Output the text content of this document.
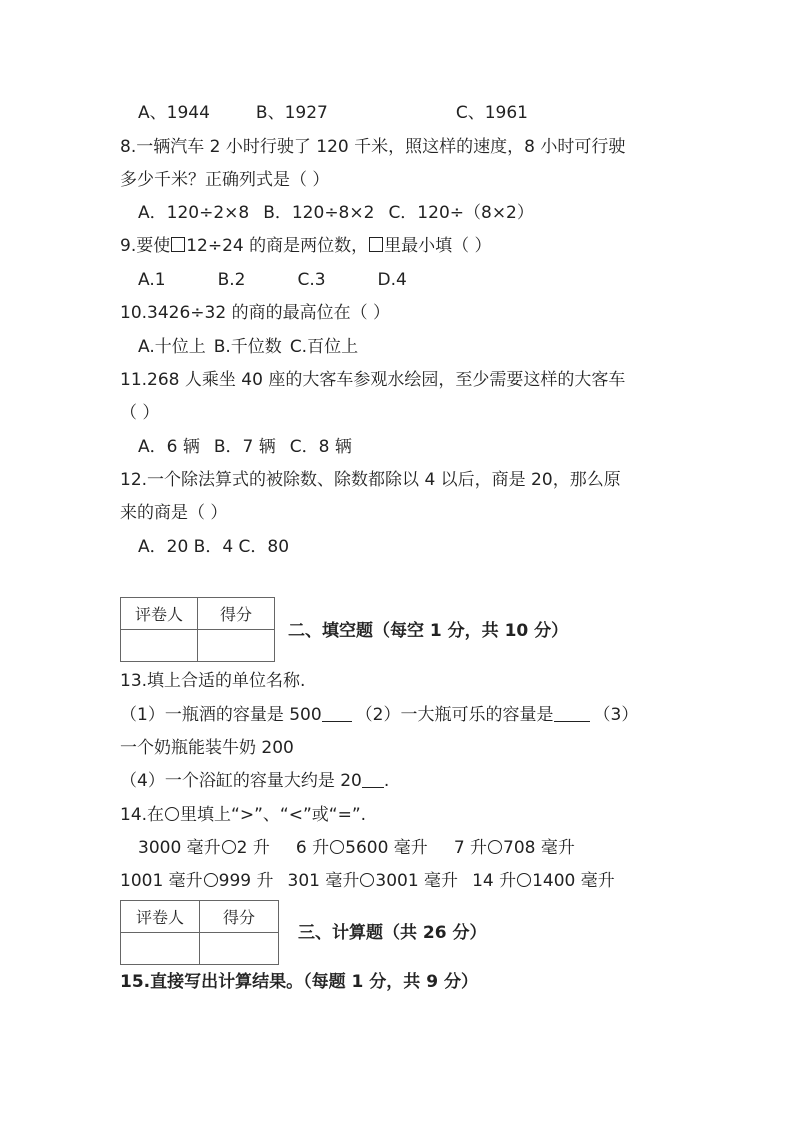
A、1944	B、1927	C、1961
8.一辆汽车 2 小时行驶了 120 千米，照这样的速度，8 小时可行驶
多少千米？正确列式是（ ）
A．120÷2×8 B．120÷8×2 C．120÷（8×2）
9.要使 12÷24 的商是两位数， 里最小填（ ）
A.1	B.2	C.3	D.4
10.3426÷32 的商的最高位在（ ）
A.十位上 B.千位数 C.百位上
11.268 人乘坐 40 座的大客车参观水绘园，至少需要这样的大客车
（ ）
A．6 辆 B．7 辆 C．8 辆
12.一个除法算式的被除数、除数都除以 4 以后，商是 20，那么原
来的商是（ ）
A．20 B．4 C．80
评卷人	得分

二、填空题（每空 1 分，共 10 分）
13.填上合适的单位名称.
（1）一瓶酒的容量是 500 （2）一大瓶可乐的容量是 （3）
一个奶瓶能装牛奶 200
（4）一个浴缸的容量大约是 20 .
14.在 里填上“>”、“<”或“=”.
3000 毫升 2 升 6 升 5600 毫升 7 升 708 毫升
1001 毫升 999 升 301 毫升 3001 毫升 14 升 1400 毫升
评卷人	得分

三、计算题（共 26 分）
15.直接写出计算结果。（每题 1 分，共 9 分）
